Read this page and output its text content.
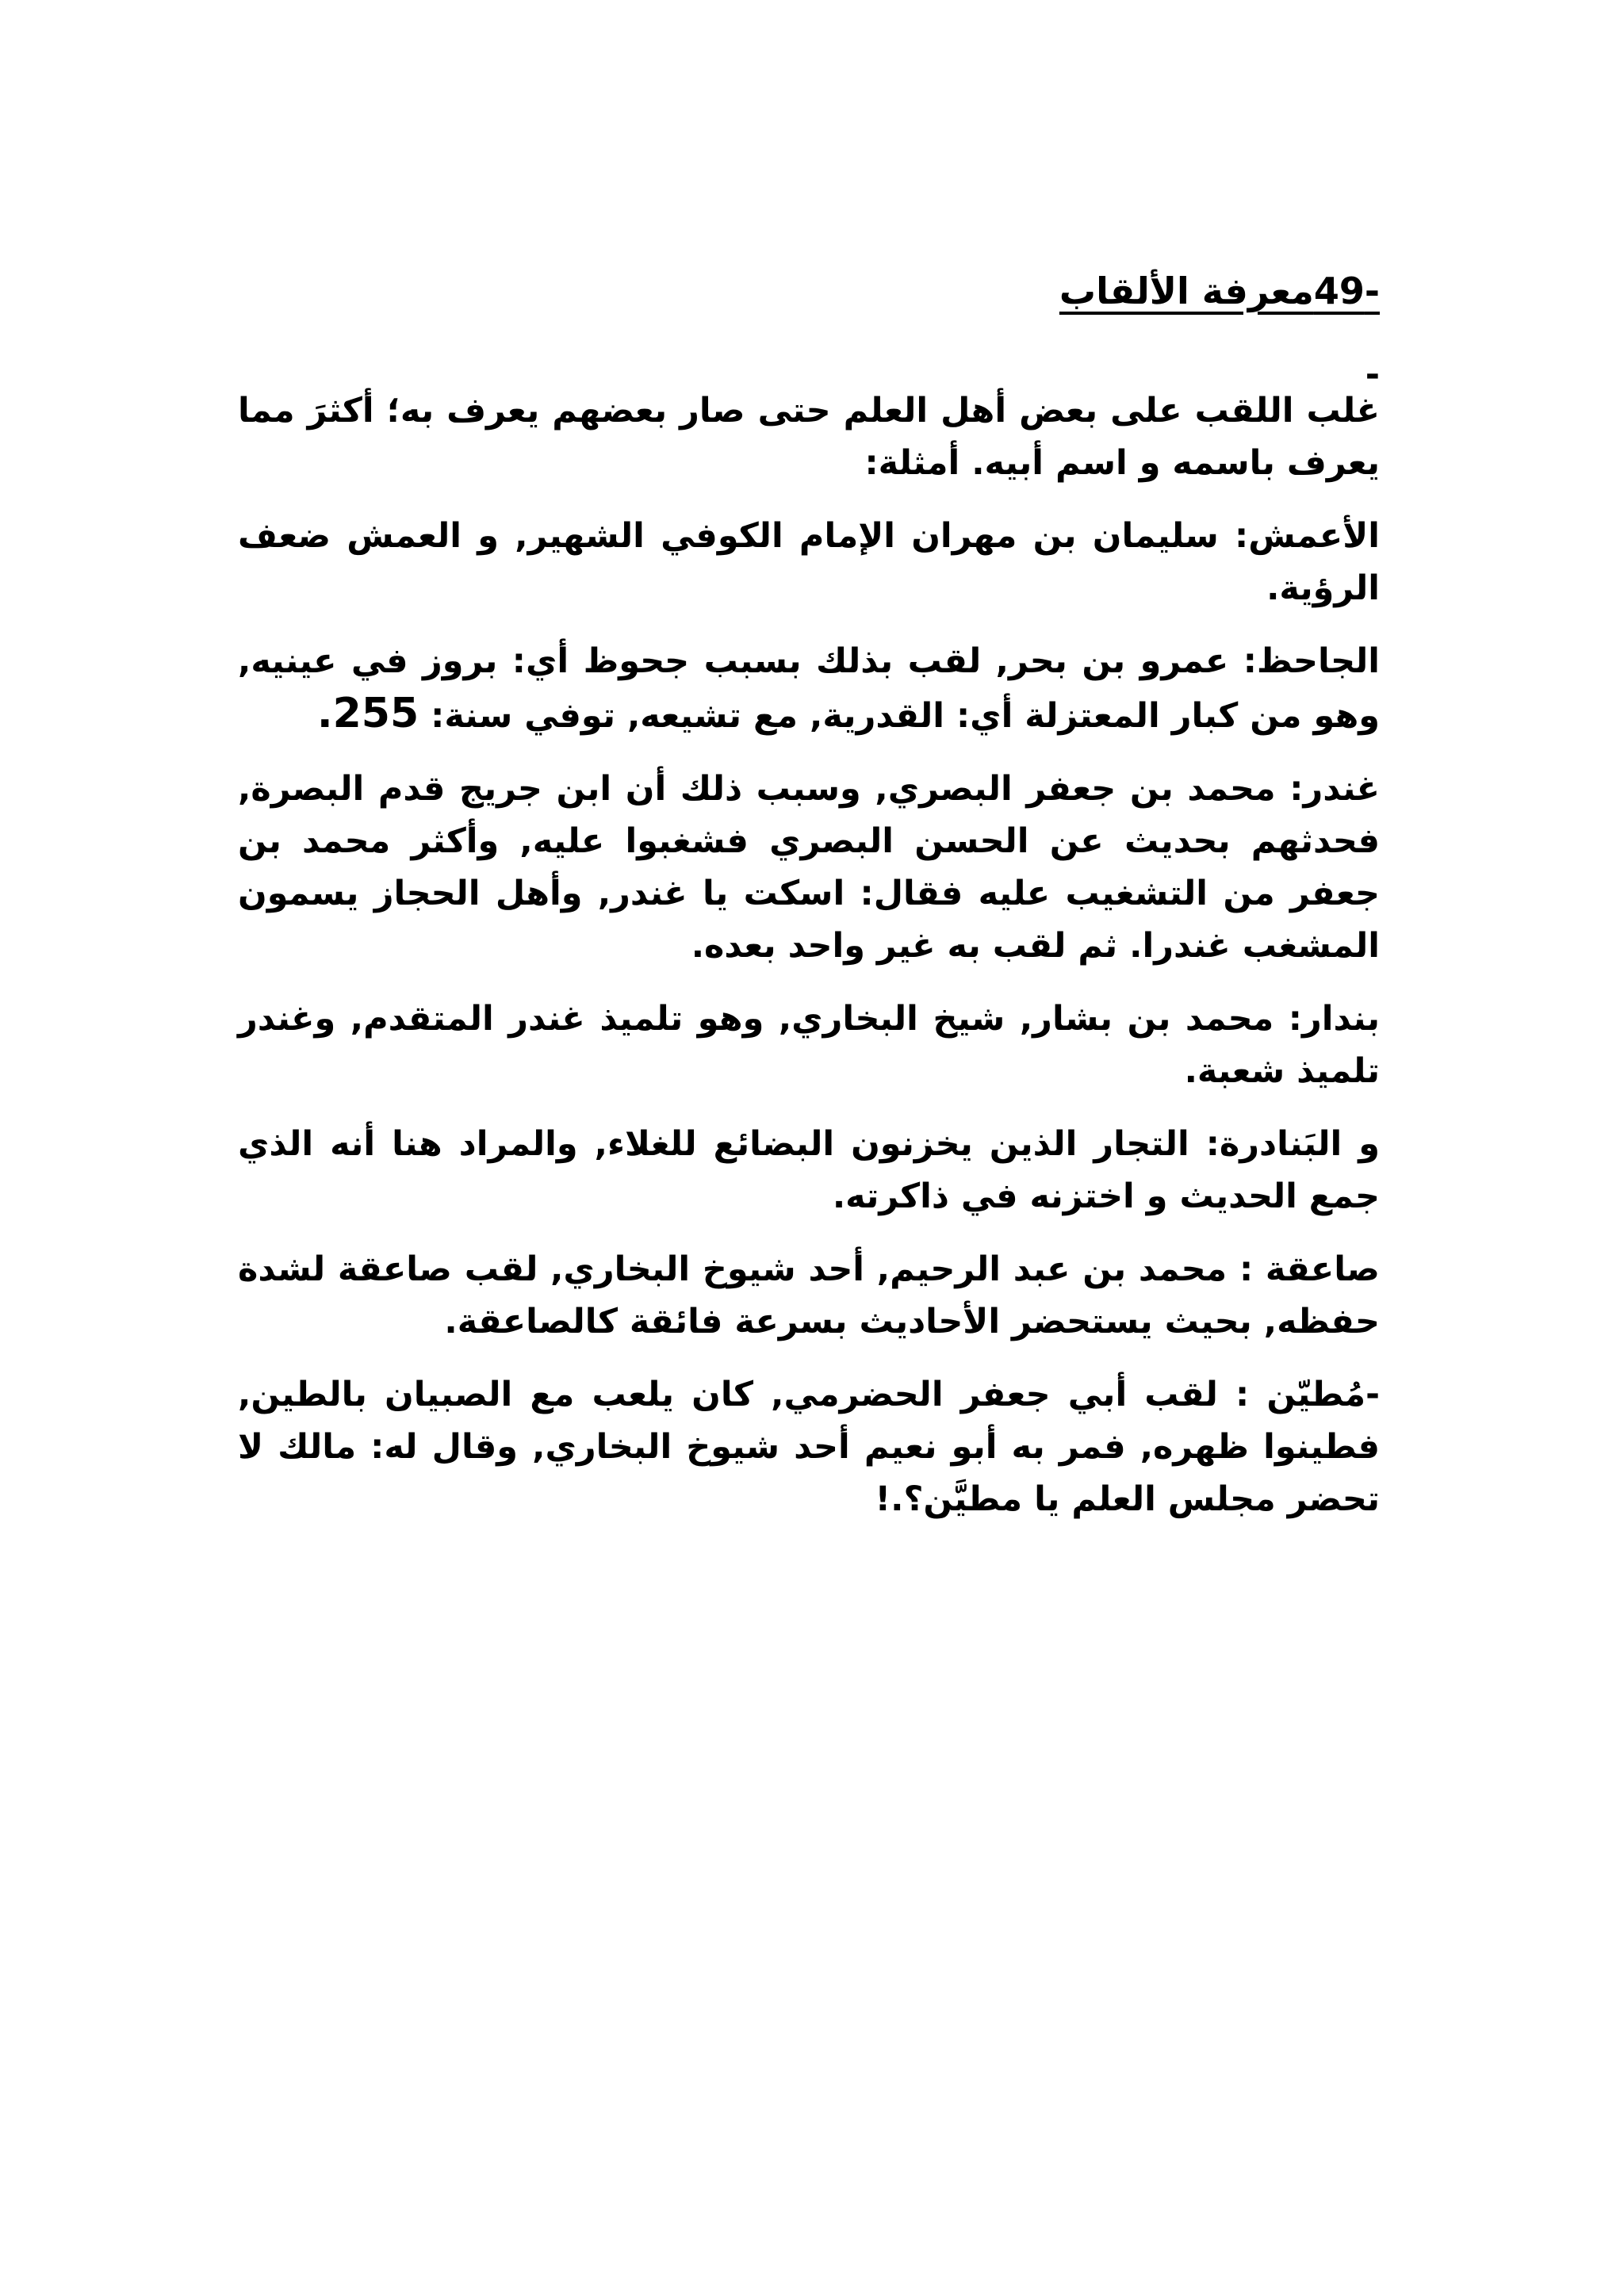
-49معرفة الألقاب
-

غلب اللقب على بعض أهل العلم حتى صار بعضهم يعرف به؛ أكثرَ مما يعرف باسمه و اسم أبيه. أمثلة:

الأعمش: سليمان بن مهران الإمام الكوفي الشهير, و العمش ضعف الرؤية.

الجاحظ: عمرو بن بحر, لقب بذلك بسبب جحوظ أي: بروز في عينيه, وهو من كبار المعتزلة أي: القدرية, مع تشيعه, توفي سنة: 255.

غندر: محمد بن جعفر البصري, وسبب ذلك أن ابن جريج قدم البصرة, فحدثهم بحديث عن الحسن البصري فشغبوا عليه, وأكثر محمد بن جعفر من التشغيب عليه فقال: اسكت يا غندر, وأهل الحجاز يسمون المشغب غندرا. ثم لقب به غير واحد بعده.

بندار: محمد بن بشار, شيخ البخاري, وهو تلميذ غندر المتقدم, وغندر تلميذ شعبة.

و البَنادرة: التجار الذين يخزنون البضائع للغلاء, والمراد هنا أنه الذي جمع الحديث و اختزنه في ذاكرته.

صاعقة : محمد بن عبد الرحيم, أحد شيوخ البخاري, لقب صاعقة لشدة حفظه, بحيث يستحضر الأحاديث بسرعة فائقة كالصاعقة.

-مُطيّن : لقب أبي جعفر الحضرمي, كان يلعب مع الصبيان بالطين, فطينوا ظهره, فمر به أبو نعيم أحد شيوخ البخاري, وقال له: مالك لا تحضر مجلس العلم يا مطيَّن؟.!
